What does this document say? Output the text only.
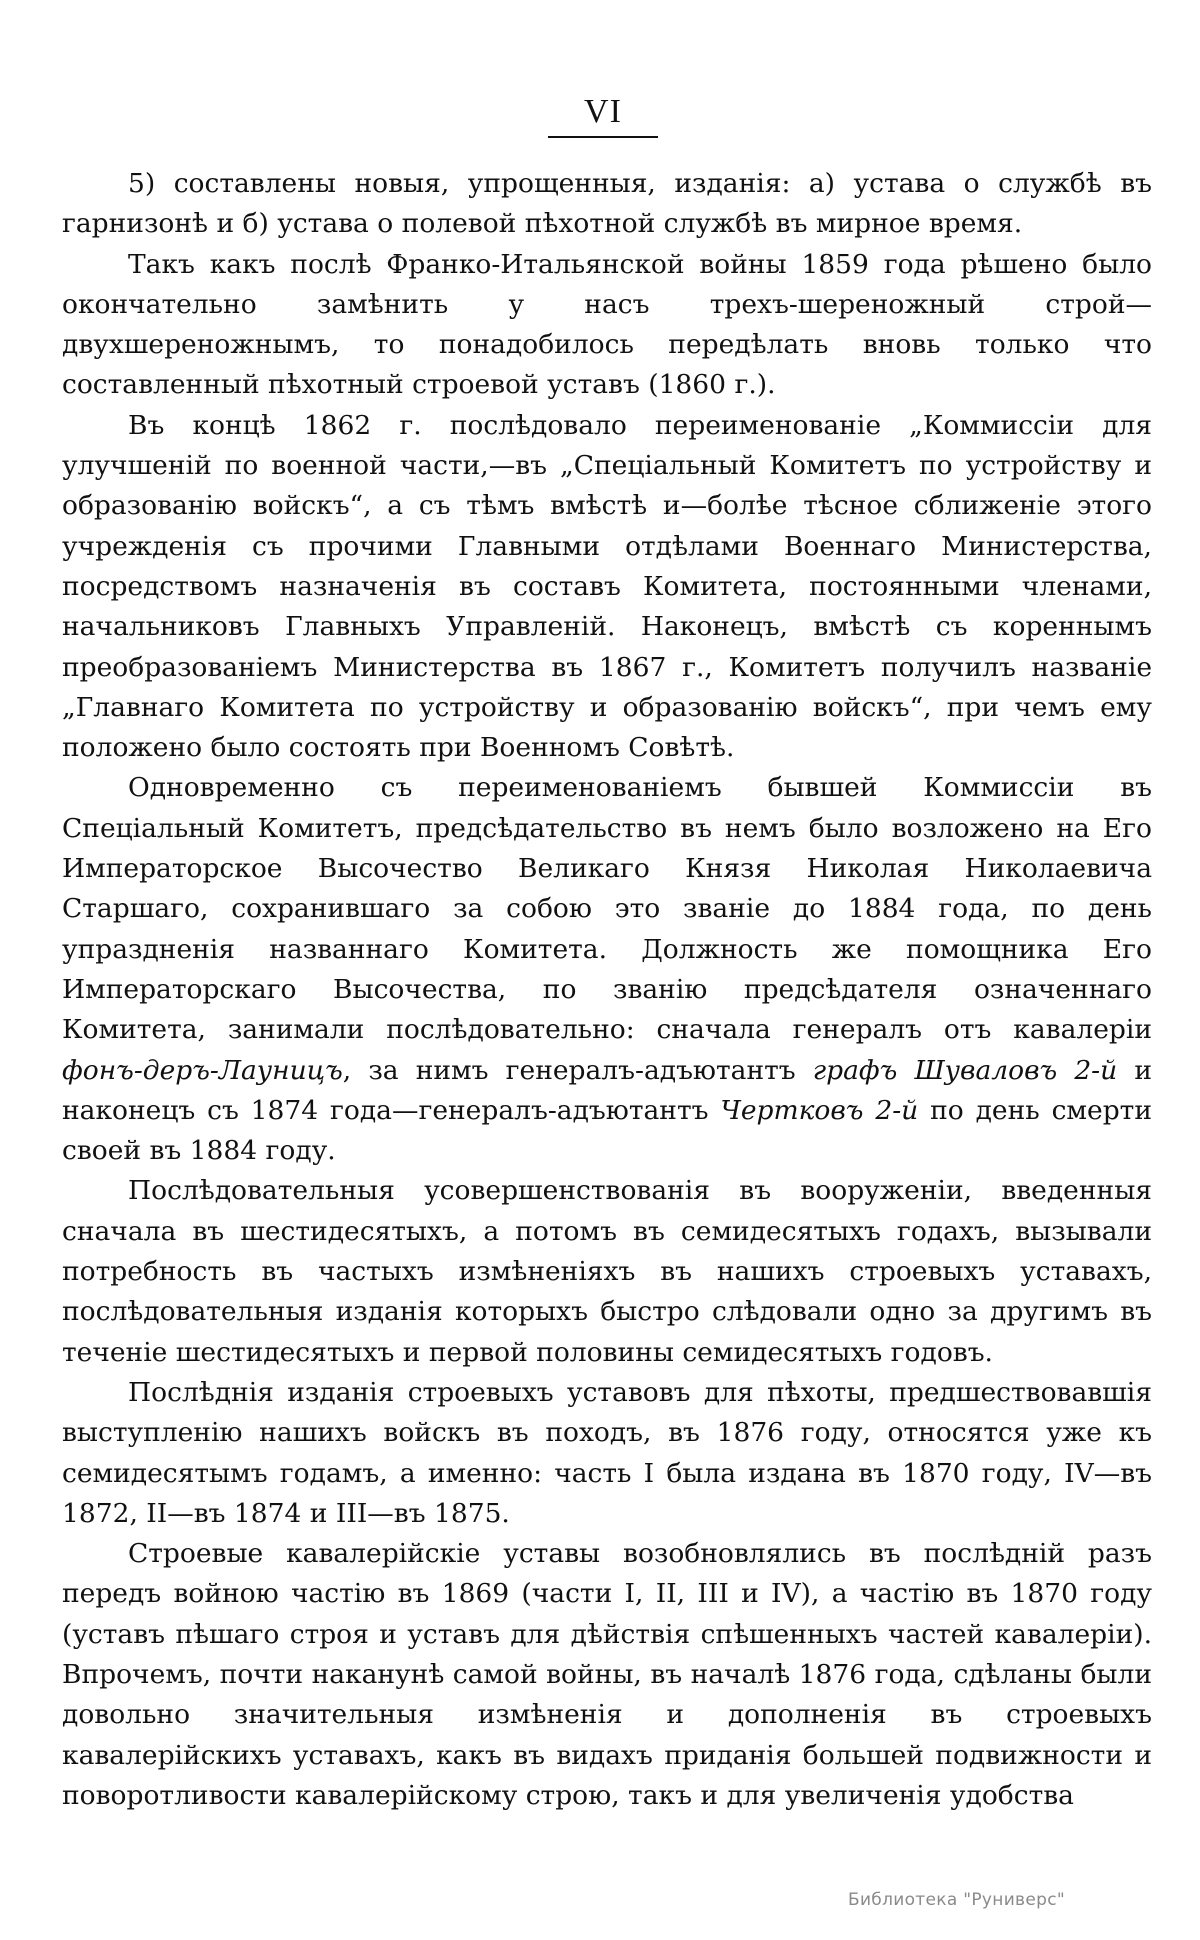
VI

5) составлены новыя, упрощенныя, изданія: а) устава о службѣ въ гарнизонѣ и б) устава о полевой пѣхотной службѣ въ мирное время.

Такъ какъ послѣ Франко-Итальянской войны 1859 года рѣшено было окончательно замѣнить у насъ трехъ-шереножный строй—двухшереножнымъ, то понадобилось передѣлать вновь только что составленный пѣхотный строевой уставъ (1860 г.).

Въ концѣ 1862 г. послѣдовало переименованіе „Коммиссіи для улучшеній по военной части,—въ „Спеціальный Комитетъ по устройству и образованію войскъ“, а съ тѣмъ вмѣстѣ и—болѣе тѣсное сближеніе этого учрежденія съ прочими Главными отдѣлами Военнаго Министерства, посредствомъ назначенія въ составъ Комитета, постоянными членами, начальниковъ Главныхъ Управленій. Наконецъ, вмѣстѣ съ кореннымъ преобразованіемъ Министерства въ 1867 г., Комитетъ получилъ названіе „Главнаго Комитета по устройству и образованію войскъ“, при чемъ ему положено было состоять при Военномъ Совѣтѣ.

Одновременно съ переименованіемъ бывшей Коммиссіи въ Спеціальный Комитетъ, предсѣдательство въ немъ было возложено на Его Императорское Высочество Великаго Князя Николая Николаевича Старшаго, сохранившаго за собою это званіе до 1884 года, по день упраздненія названнаго Комитета. Должность же помощника Его Императорскаго Высочества, по званію предсѣдателя означеннаго Комитета, занимали послѣдовательно: сначала генералъ отъ кавалеріи фонъ-деръ-Лауницъ, за нимъ генералъ-адъютантъ графъ Шуваловъ 2-й и наконецъ съ 1874 года—генералъ-адъютантъ Чертковъ 2-й по день смерти своей въ 1884 году.

Послѣдовательныя усовершенствованія въ вооруженіи, введенныя сначала въ шестидесятыхъ, а потомъ въ семидесятыхъ годахъ, вызывали потребность въ частыхъ измѣненіяхъ въ нашихъ строевыхъ уставахъ, послѣдовательныя изданія которыхъ быстро слѣдовали одно за другимъ въ теченіе шестидесятыхъ и первой половины семидесятыхъ годовъ.

Послѣднія изданія строевыхъ уставовъ для пѣхоты, предшествовавшія выступленію нашихъ войскъ въ походъ, въ 1876 году, относятся уже къ семидесятымъ годамъ, а именно: часть I была издана въ 1870 году, IV—въ 1872, II—въ 1874 и III—въ 1875.

Строевые кавалерійскіе уставы возобновлялись въ послѣдній разъ передъ войною частію въ 1869 (части I, II, III и IV), а частію въ 1870 году (уставъ пѣшаго строя и уставъ для дѣйствія спѣшенныхъ частей кавалеріи). Впрочемъ, почти наканунѣ самой войны, въ началѣ 1876 года, сдѣланы были довольно значительныя измѣненія и дополненія въ строевыхъ кавалерійскихъ уставахъ, какъ въ видахъ приданія большей подвижности и поворотливости кавалерійскому строю, такъ и для увеличенія удобства

Библиотека "Руниверс"
